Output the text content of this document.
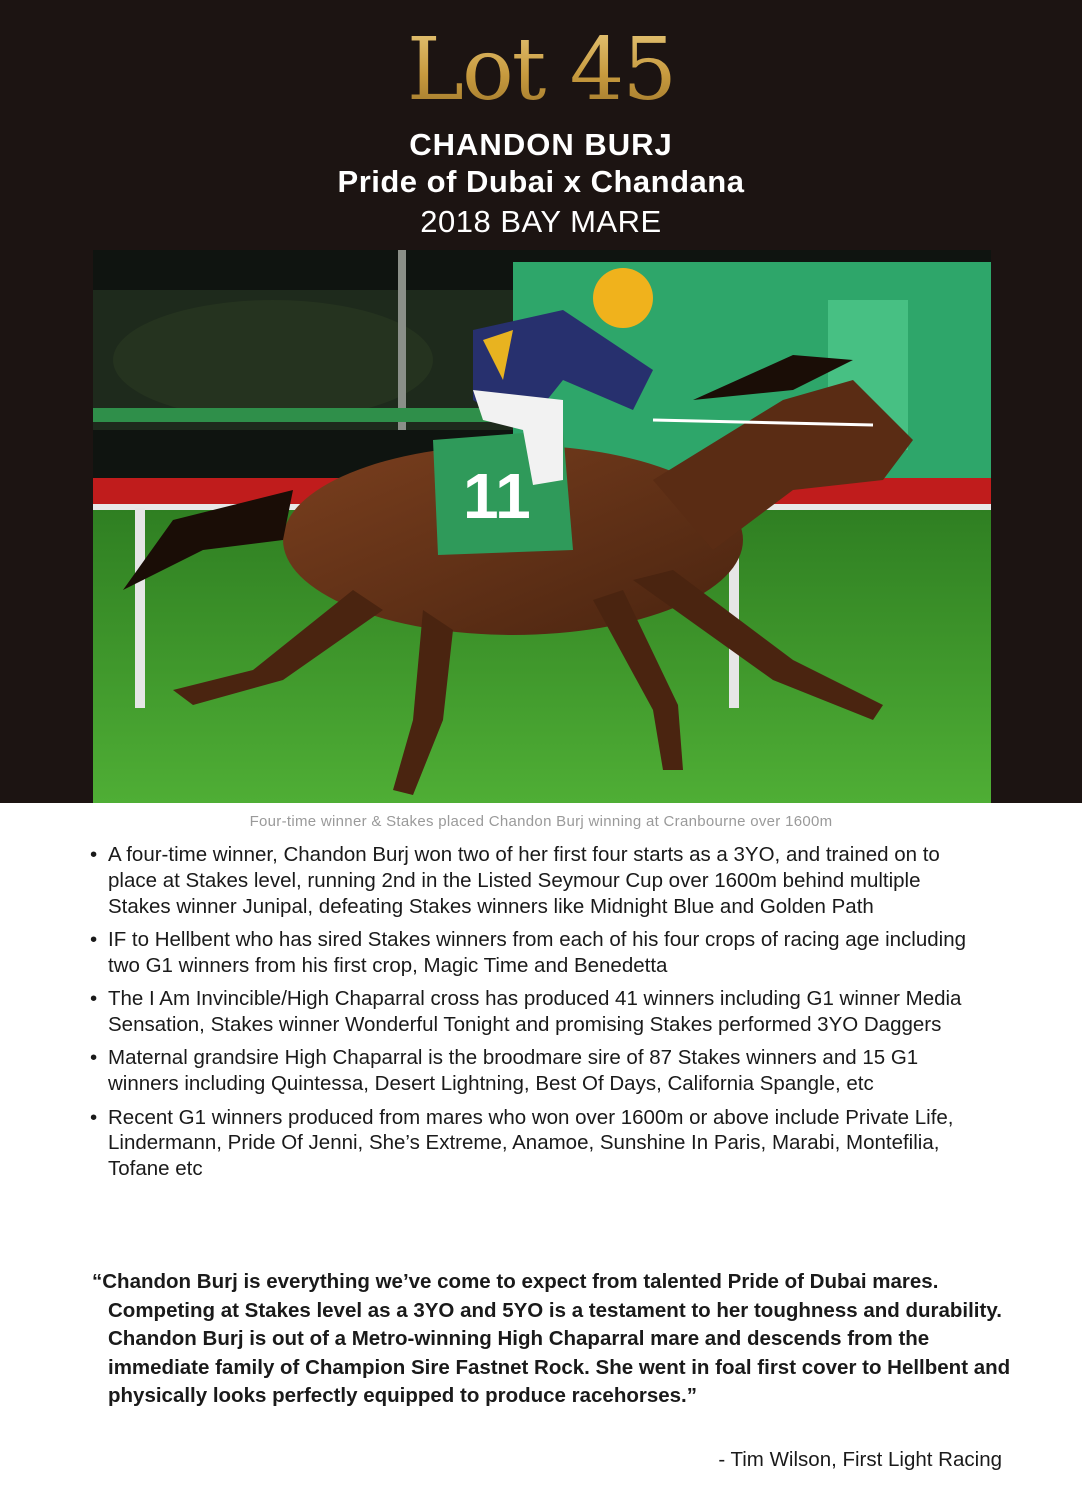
Lot 45
CHANDON BURJ
Pride of Dubai x Chandana
2018 BAY MARE
11
Four-time winner & Stakes placed Chandon Burj winning at Cranbourne over 1600m
• A four-time winner, Chandon Burj won two of her first four starts as a 3YO, and trained on to place at Stakes level, running 2nd in the Listed Seymour Cup over 1600m behind multiple Stakes winner Junipal, defeating Stakes winners like Midnight Blue and Golden Path
• IF to Hellbent who has sired Stakes winners from each of his four crops of racing age including two G1 winners from his first crop, Magic Time and Benedetta
• The I Am Invincible/High Chaparral cross has produced 41 winners including G1 winner Media Sensation, Stakes winner Wonderful Tonight and promising Stakes performed 3YO Daggers
• Maternal grandsire High Chaparral is the broodmare sire of 87 Stakes winners and 15 G1 winners including Quintessa, Desert Lightning, Best Of Days, California Spangle, etc
• Recent G1 winners produced from mares who won over 1600m or above include Private Life, Lindermann, Pride Of Jenni, She’s Extreme, Anamoe, Sunshine In Paris, Marabi, Montefilia, Tofane etc

“Chandon Burj is everything we’ve come to expect from talented Pride of Dubai mares. Competing at Stakes level as a 3YO and 5YO is a testament to her toughness and durability. Chandon Burj is out of a Metro-winning High Chaparral mare and descends from the immediate family of Champion Sire Fastnet Rock. She went in foal first cover to Hellbent and physically looks perfectly equipped to produce racehorses.”

- Tim Wilson, First Light Racing
